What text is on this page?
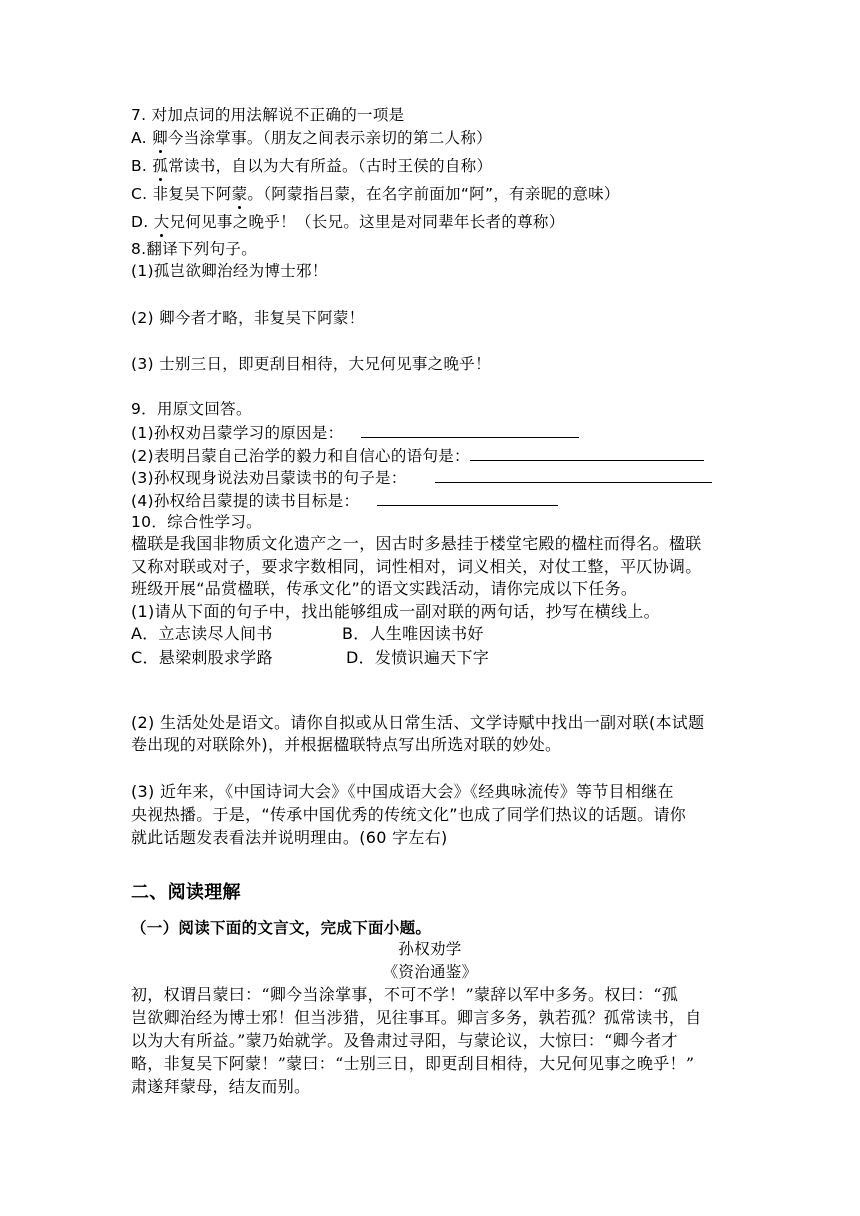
7. 对加点词的用法解说不正确的一项是
A. 卿今当涂掌事。（朋友之间表示亲切的第二人称）
B. 孤常读书，自以为大有所益。（古时王侯的自称）
C. 非复吴下阿蒙。（阿蒙指吕蒙，在名字前面加“阿”，有亲昵的意味）
D. 大兄何见事之晚乎！（长兄。这里是对同辈年长者的尊称）
8.翻译下列句子。
(1)孤岂欲卿治经为博士邪！
(2) 卿今者才略，非复吴下阿蒙！
(3) 士别三日，即更刮目相待，大兄何见事之晚乎！
9．用原文回答。
(1)孙权劝吕蒙学习的原因是：
(2)表明吕蒙自己治学的毅力和自信心的语句是：
(3)孙权现身说法劝吕蒙读书的句子是：
(4)孙权给吕蒙提的读书目标是：
10．综合性学习。
楹联是我国非物质文化遗产之一，因古时多悬挂于楼堂宅殿的楹柱而得名。楹联
又称对联或对子，要求字数相同，词性相对，词义相关，对仗工整，平仄协调。
班级开展“品赏楹联，传承文化”的语文实践活动，请你完成以下任务。
(1)请从下面的句子中，找出能够组成一副对联的两句话，抄写在横线上。
A．立志读尽人间书	B．人生唯因读书好
C．悬梁刺股求学路	D．发愤识遍天下字
(2) 生活处处是语文。请你自拟或从日常生活、文学诗赋中找出一副对联(本试题
卷出现的对联除外)，并根据楹联特点写出所选对联的妙处。
(3) 近年来，《中国诗词大会》《中国成语大会》《经典咏流传》等节目相继在
央视热播。于是，“传承中国优秀的传统文化”也成了同学们热议的话题。请你
就此话题发表看法并说明理由。(60 字左右)
二、阅读理解
（一）阅读下面的文言文，完成下面小题。
孙权劝学
《资治通鉴》
初，权谓吕蒙曰：“卿今当涂掌事，不可不学！”蒙辞以军中多务。权曰：“孤
岂欲卿治经为博士邪！但当涉猎，见往事耳。卿言多务，孰若孤？孤常读书，自
以为大有所益。”蒙乃始就学。及鲁肃过寻阳，与蒙论议，大惊曰：“卿今者才
略，非复吴下阿蒙！”蒙曰：“士别三日，即更刮目相待，大兄何见事之晚乎！”
肃遂拜蒙母，结友而别。
